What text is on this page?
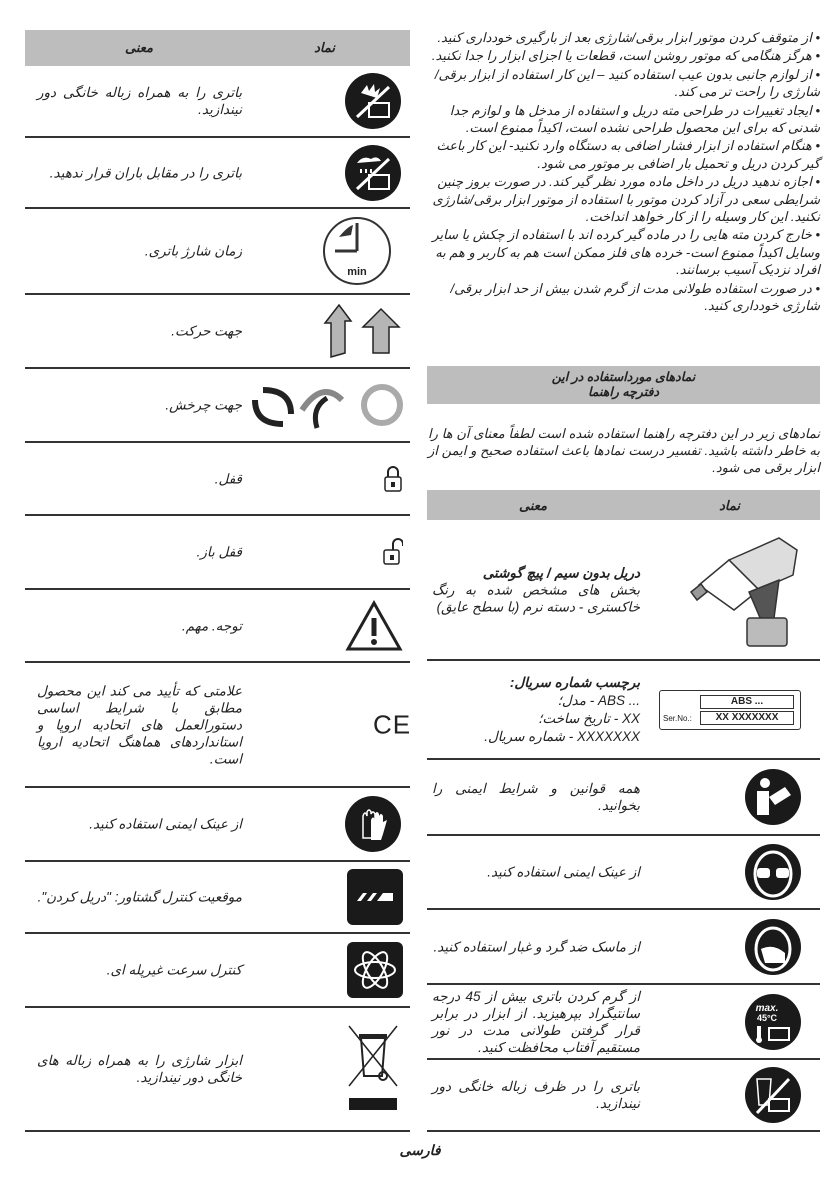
نماد
معنی
باتری را به همراه زباله خانگی دور نیندازید.
باتری را در مقابل باران قرار ندهید.
زمان شارژ باتری.
min
جهت حرکت.
جهت چرخش.
قفل.
قفل باز.
توجه. مهم.
علامتی که تأیید می کند این محصول مطابق با شرایط اساسی دستورالعمل های اتحادیه اروپا و استانداردهای هماهنگ اتحادیه اروپا است.
CE
از عینک ایمنی استفاده کنید.
موقعیت کنترل گشتاور: "دریل کردن".
کنترل سرعت غیرپله ای.
ابزار شارژی را به همراه زباله های خانگی دور نیندازید.

• از متوقف کردن موتور ابزار برقی/شارژی بعد از بارگیری خودداری کنید.

• هرگز هنگامی که موتور روشن است، قطعات یا اجزای ابزار را جدا نکنید.

• از لوازم جانبی بدون عیب استفاده کنید – این کار استفاده از ابزار برقی/شارژی را راحت تر می کند.

• ایجاد تغییرات در طراحی مته دریل و استفاده از مدخل ها و لوازم جدا شدنی که برای این محصول طراحی نشده است، اکیداً ممنوع است.

• هنگام استفاده از ابزار فشار اضافی به دستگاه وارد نکنید- این کار باعث گیر کردن دریل و تحمیل بار اضافی بر موتور می شود.

• اجازه ندهید دریل در داخل ماده مورد نظر گیر کند. در صورت بروز چنین شرایطی سعی در آزاد کردن موتور با استفاده از موتور ابزار برقی/شارژی نکنید. این کار وسیله را از کار خواهد انداخت.

• خارج کردن مته هایی را در ماده گیر کرده اند با استفاده از چکش یا سایر وسایل اکیداً ممنوع است- خرده های فلز ممکن است هم به کاربر و هم به افراد نزدیک آسیب برسانند.

• در صورت استفاده طولانی مدت از گرم شدن بیش از حد ابزار برقی/شارژی خودداری کنید.

نمادهای مورداستفاده در این
دفترچه راهنما
نمادهای زیر در این دفترچه راهنما استفاده شده است لطفاً معنای آن ها را به خاطر داشته باشید. تفسیر درست نمادها باعث استفاده صحیح و ایمن از ابزار برقی می شود.
نماد
معنی
دریل بدون سیم / پیچ گوشتی
بخش های مشخص شده به رنگ خاکستری - دسته نرم (با سطح عایق)
برچسب شماره سریال:
... ABS - مدل؛
XX - تاریخ ساخت؛
XXXXXXX - شماره سریال.
ABS ...
Ser.No.:	XX XXXXXXX
همه قوانین و شرایط ایمنی را بخوانید.
از عینک ایمنی استفاده کنید.
از ماسک ضد گرد و غبار استفاده کنید.
از گرم کردن باتری بیش از 45 درجه سانتیگراد بپرهیزید. از ابزار در برابر قرار گرفتن طولانی مدت در نور مستقیم آفتاب محافظت کنید.
max.
45°C
باتری را در ظرف زباله خانگی دور نیندازید.
فارسی
